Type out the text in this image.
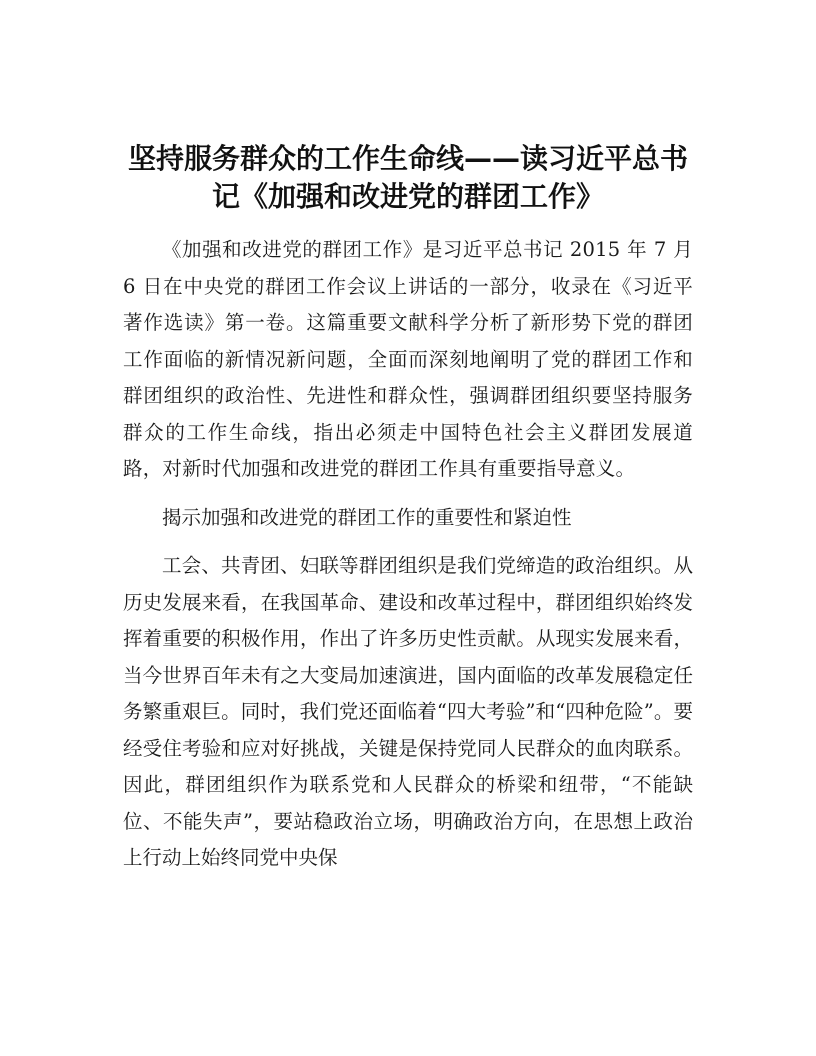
坚持服务群众的工作生命线——读习近平总书
记《加强和改进党的群团工作》

《加强和改进党的群团工作》是习近平总书记 2015 年 7 月 6 日在中央党的群团工作会议上讲话的一部分，收录在《习近平著作选读》第一卷。这篇重要文献科学分析了新形势下党的群团工作面临的新情况新问题，全面而深刻地阐明了党的群团工作和群团组织的政治性、先进性和群众性，强调群团组织要坚持服务群众的工作生命线，指出必须走中国特色社会主义群团发展道路，对新时代加强和改进党的群团工作具有重要指导意义。

揭示加强和改进党的群团工作的重要性和紧迫性

工会、共青团、妇联等群团组织是我们党缔造的政治组织。从历史发展来看，在我国革命、建设和改革过程中，群团组织始终发挥着重要的积极作用，作出了许多历史性贡献。从现实发展来看，当今世界百年未有之大变局加速演进，国内面临的改革发展稳定任务繁重艰巨。同时，我们党还面临着“四大考验”和“四种危险”。要经受住考验和应对好挑战，关键是保持党同人民群众的血肉联系。因此，群团组织作为联系党和人民群众的桥梁和纽带，“不能缺位、不能失声”，要站稳政治立场，明确政治方向，在思想上政治上行动上始终同党中央保
